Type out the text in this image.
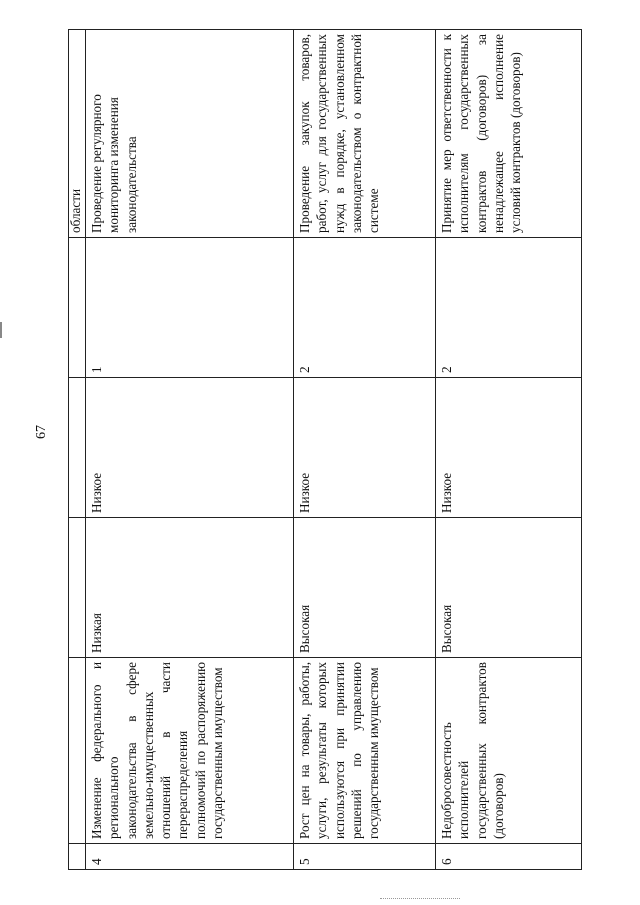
67
					области
4	Изменение федерального и регионального законодательства в сфере земельно-имущественных отношений в части перераспределения полномочий по распоряжению государственным имуществом	Низкая	Низкое	1	Проведение регулярного мониторинга изменения законодательства
5	Рост цен на товары, работы, услуги, результаты которых используются при принятии решений по управлению государственным имуществом	Высокая	Низкое	2	Проведение закупок товаров, работ, услуг для государственных нужд в порядке, установленном законодательством о контрактной системе
6	Недобросовестность исполнителей государственных контрактов (договоров)	Высокая	Низкое	2	Принятие мер ответственности к исполнителям государственных контрактов (договоров) за ненадлежащее исполнение условий контрактов (договоров)
